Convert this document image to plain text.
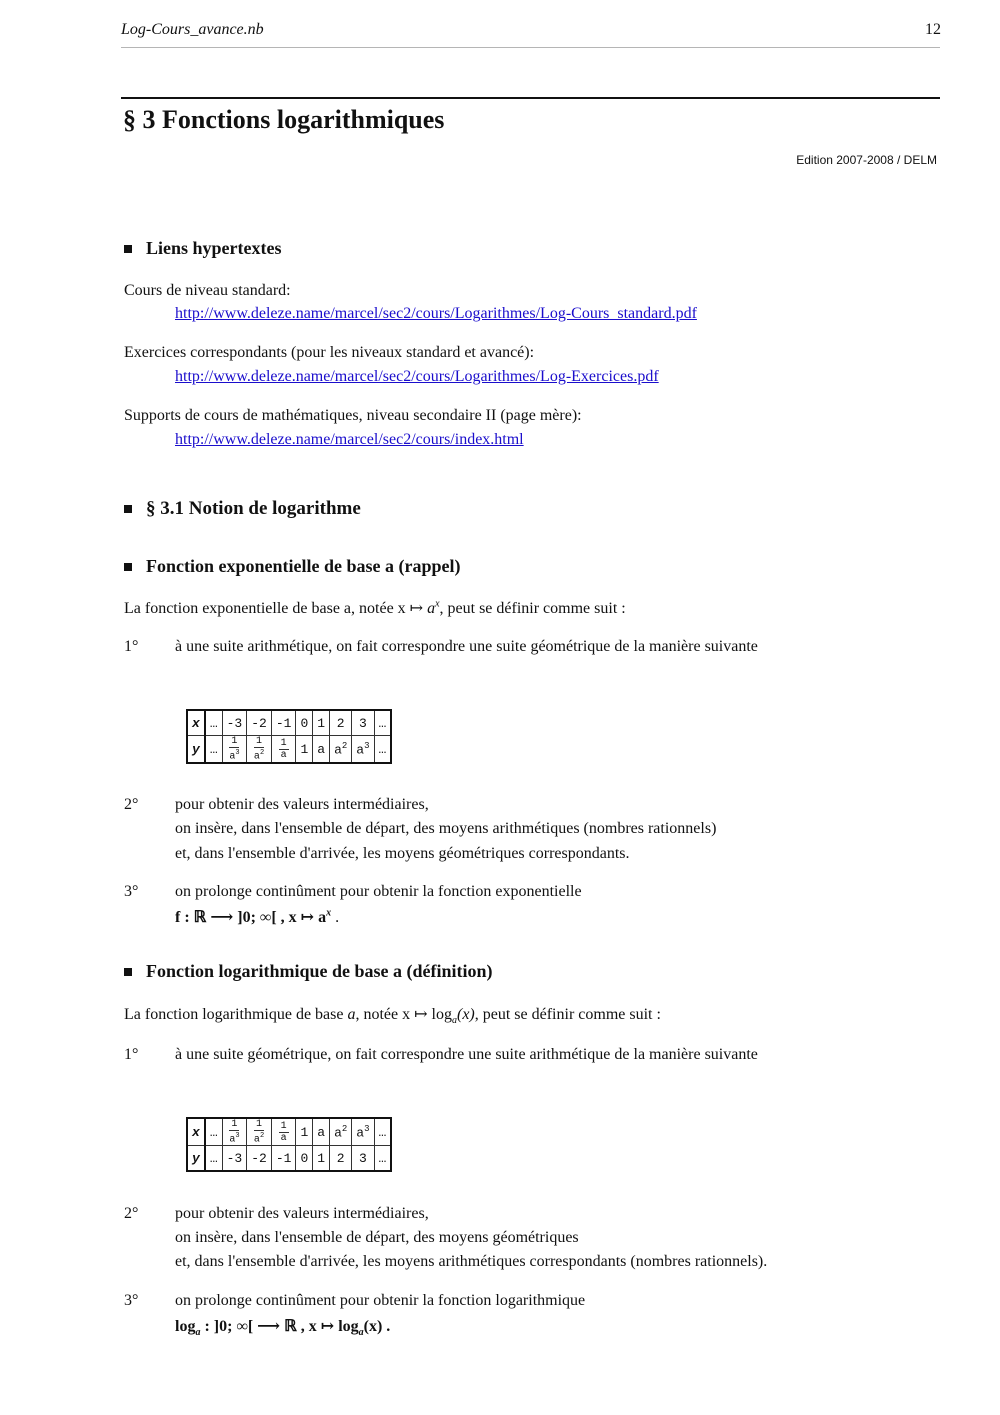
Log-Cours_avance.nb	12
§ 3 Fonctions logarithmiques
Edition 2007-2008 / DELM
Liens hypertextes
Cours de niveau standard:
http://www.deleze.name/marcel/sec2/cours/Logarithmes/Log-Cours_standard.pdf
Exercices correspondants (pour les niveaux standard et avancé):
http://www.deleze.name/marcel/sec2/cours/Logarithmes/Log-Exercices.pdf
Supports de cours de mathématiques, niveau secondaire II (page mère):
http://www.deleze.name/marcel/sec2/cours/index.html
§ 3.1 Notion de logarithme
Fonction exponentielle de base a (rappel)
La fonction exponentielle de base a, notée x ↦ $a^x$, peut se définir comme suit :
1° à une suite arithmétique, on fait correspondre une suite géométrique de la manière suivante
x	…	-3	-2	-1	0	1	2	3	…
y	…	$\frac{1}{a^3}$	$\frac{1}{a^2}$	$\frac{1}{a}$	1	a	$a^2$	$a^3$	…
2° pour obtenir des valeurs intermédiaires,
on insère, dans l'ensemble de départ, des moyens arithmétiques (nombres rationnels)
et, dans l'ensemble d'arrivée, les moyens géométriques correspondants.
3° on prolonge continûment pour obtenir la fonction exponentielle
f : ℝ ⟶ ]0; ∞[ , x ↦ $a^x$ .
Fonction logarithmique de base a (définition)
La fonction logarithmique de base a, notée x ↦ $\log_a(x)$, peut se définir comme suit :
1° à une suite géométrique, on fait correspondre une suite arithmétique de la manière suivante
x	…	$\frac{1}{a^3}$	$\frac{1}{a^2}$	$\frac{1}{a}$	1	a	$a^2$	$a^3$	…
y	…	-3	-2	-1	0	1	2	3	…
2° pour obtenir des valeurs intermédiaires,
on insère, dans l'ensemble de départ, des moyens géométriques
et, dans l'ensemble d'arrivée, les moyens arithmétiques correspondants (nombres rationnels).
3° on prolonge continûment pour obtenir la fonction logarithmique
$\log_a$ : ]0; ∞[ ⟶ ℝ , x ↦ $\log_a(x)$ .
